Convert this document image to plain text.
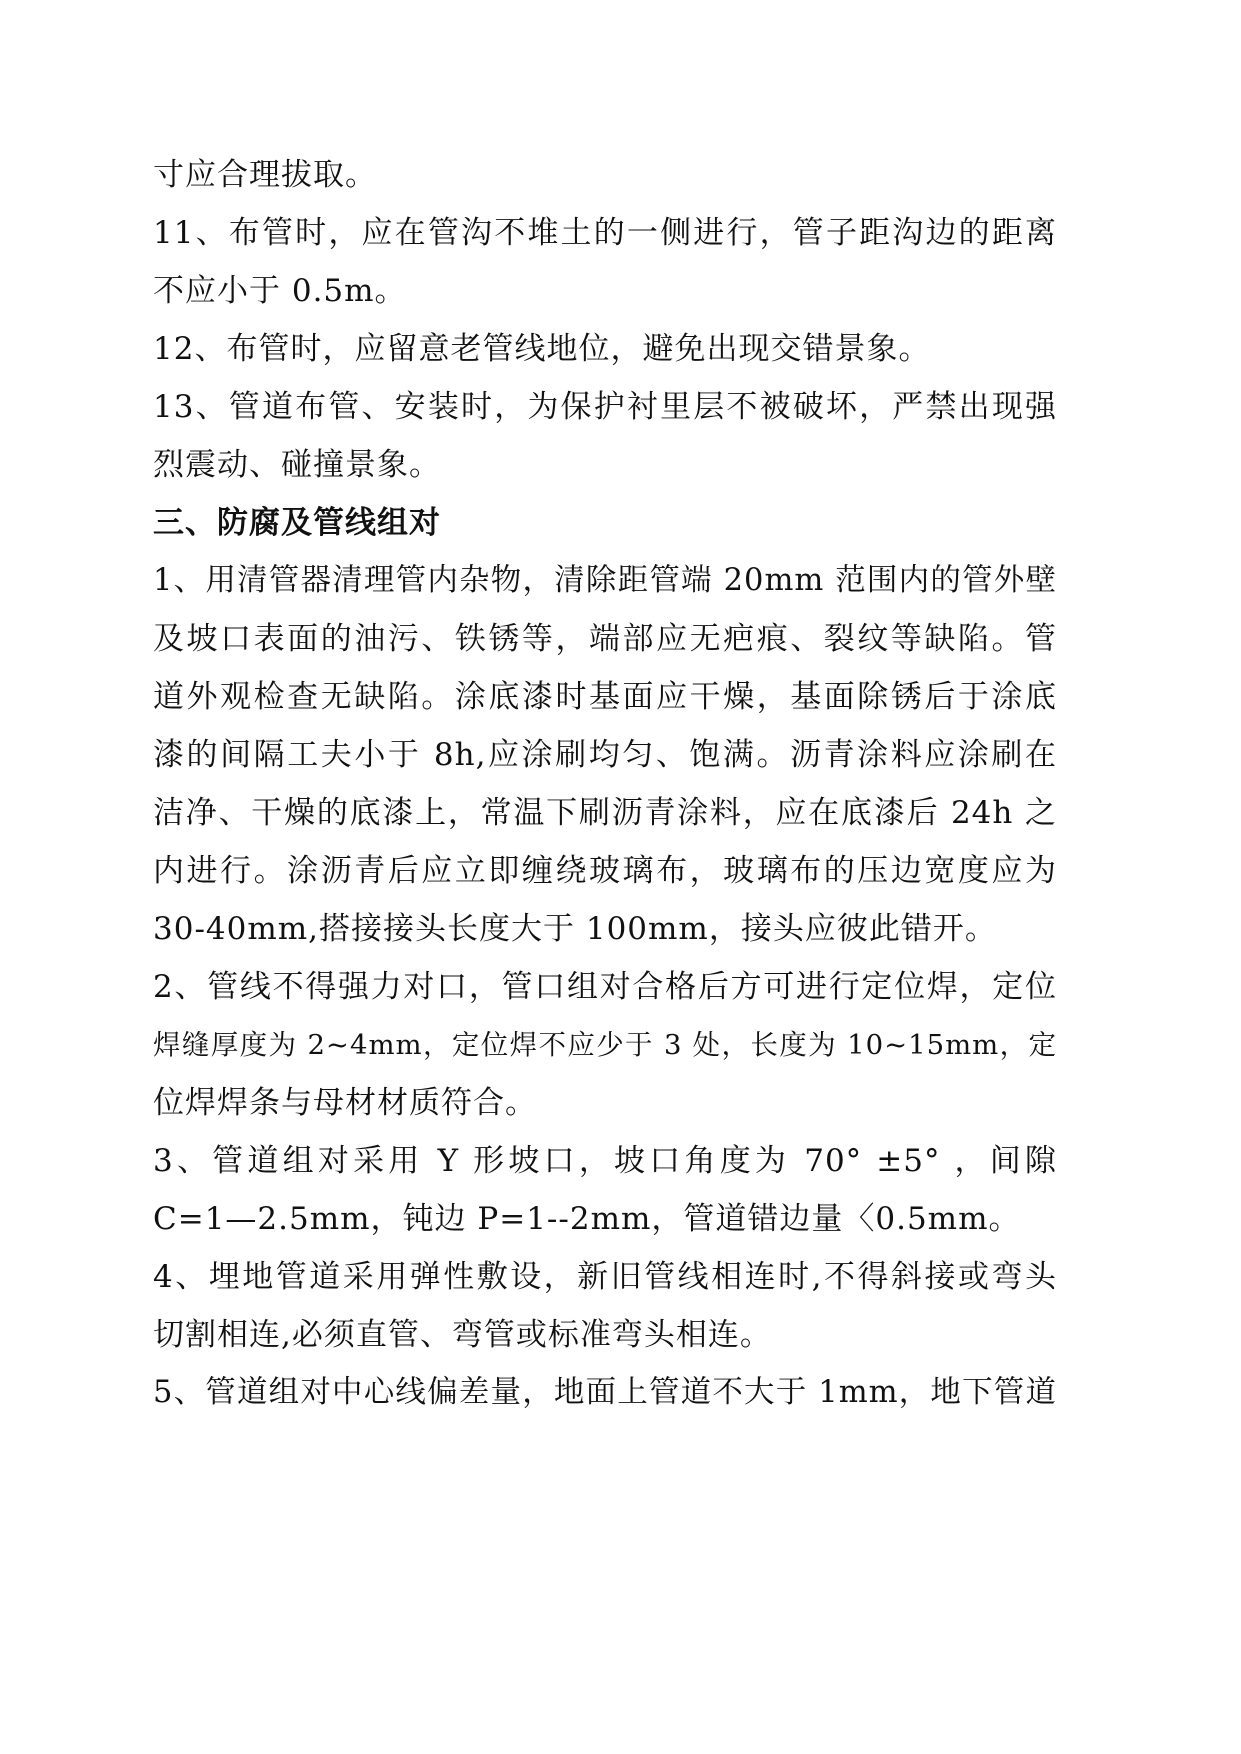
寸应合理拔取。
11、布管时，应在管沟不堆土的一侧进行，管子距沟边的距离
不应小于 0.5m。
12、布管时，应留意老管线地位，避免出现交错景象。
13、管道布管、安装时，为保护衬里层不被破坏，严禁出现强
烈震动、碰撞景象。
三、防腐及管线组对
1、用清管器清理管内杂物，清除距管端 20mm 范围内的管外壁
及坡口表面的油污、铁锈等，端部应无疤痕、裂纹等缺陷。管
道外观检查无缺陷。涂底漆时基面应干燥，基面除锈后于涂底
漆的间隔工夫小于 8h,应涂刷均匀、饱满。沥青涂料应涂刷在
洁净、干燥的底漆上，常温下刷沥青涂料，应在底漆后 24h 之
内进行。涂沥青后应立即缠绕玻璃布，玻璃布的压边宽度应为
30-40mm,搭接接头长度大于 100mm，接头应彼此错开。
2、管线不得强力对口，管口组对合格后方可进行定位焊，定位
焊缝厚度为 2~4mm，定位焊不应少于 3 处，长度为 10~15mm，定
位焊焊条与母材材质符合。
3、管道组对采用 Y 形坡口，坡口角度为 70° ±5° ，间隙
C=1—2.5mm，钝边 P=1--2mm，管道错边量〈0.5mm。
4、埋地管道采用弹性敷设，新旧管线相连时,不得斜接或弯头
切割相连,必须直管、弯管或标准弯头相连。
5、管道组对中心线偏差量，地面上管道不大于 1mm，地下管道
